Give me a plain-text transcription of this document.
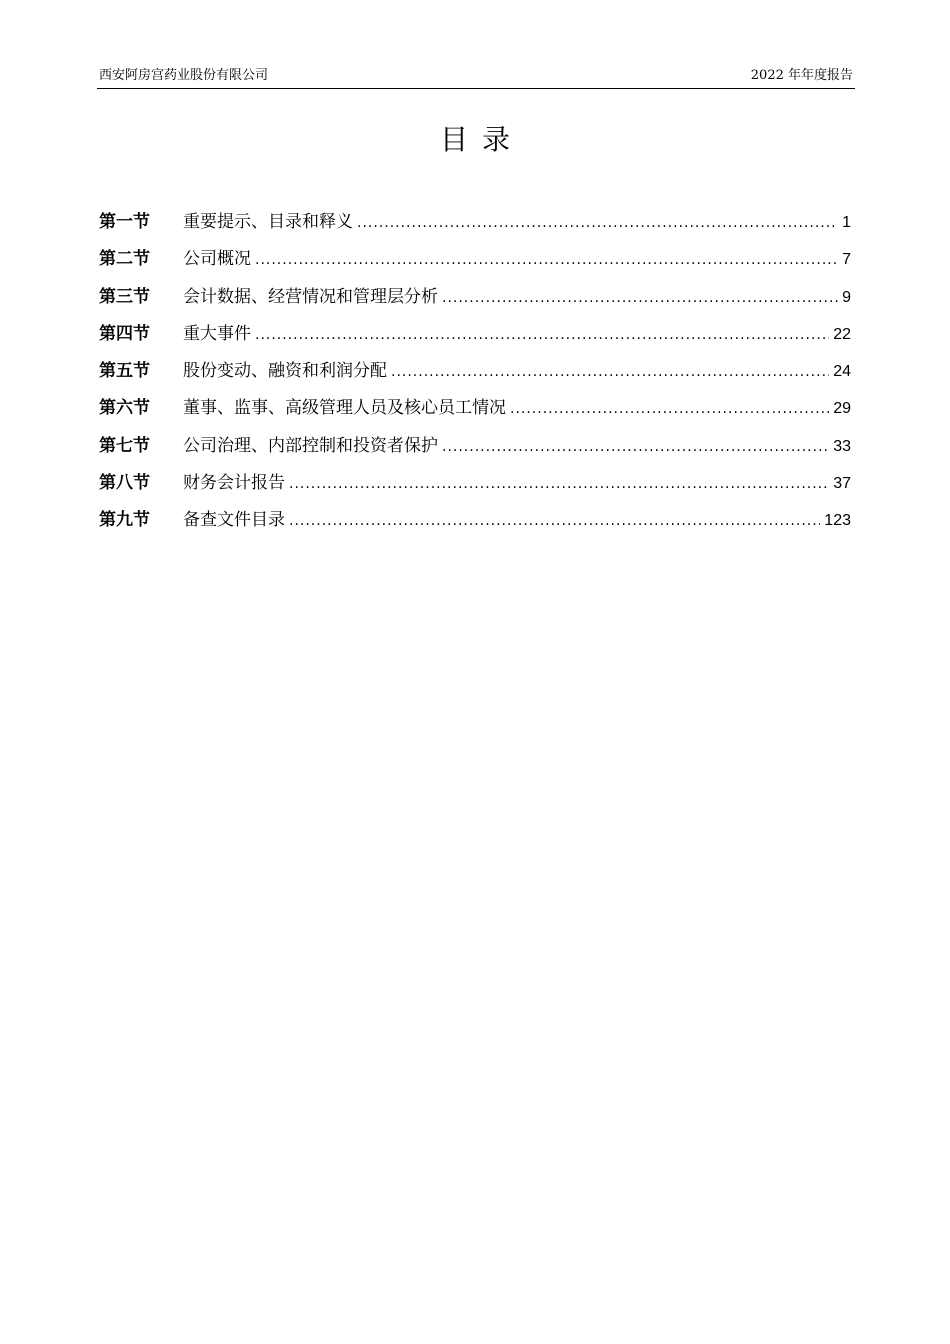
西安阿房宫药业股份有限公司	2022 年年度报告
目录
第一节	重要提示、目录和释义 .....	1
第二节	公司概况 .....	7
第三节	会计数据、经营情况和管理层分析 .....	9
第四节	重大事件 .....	22
第五节	股份变动、融资和利润分配 .....	24
第六节	董事、监事、高级管理人员及核心员工情况 .....	29
第七节	公司治理、内部控制和投资者保护 .....	33
第八节	财务会计报告 .....	37
第九节	备查文件目录 .....	123
